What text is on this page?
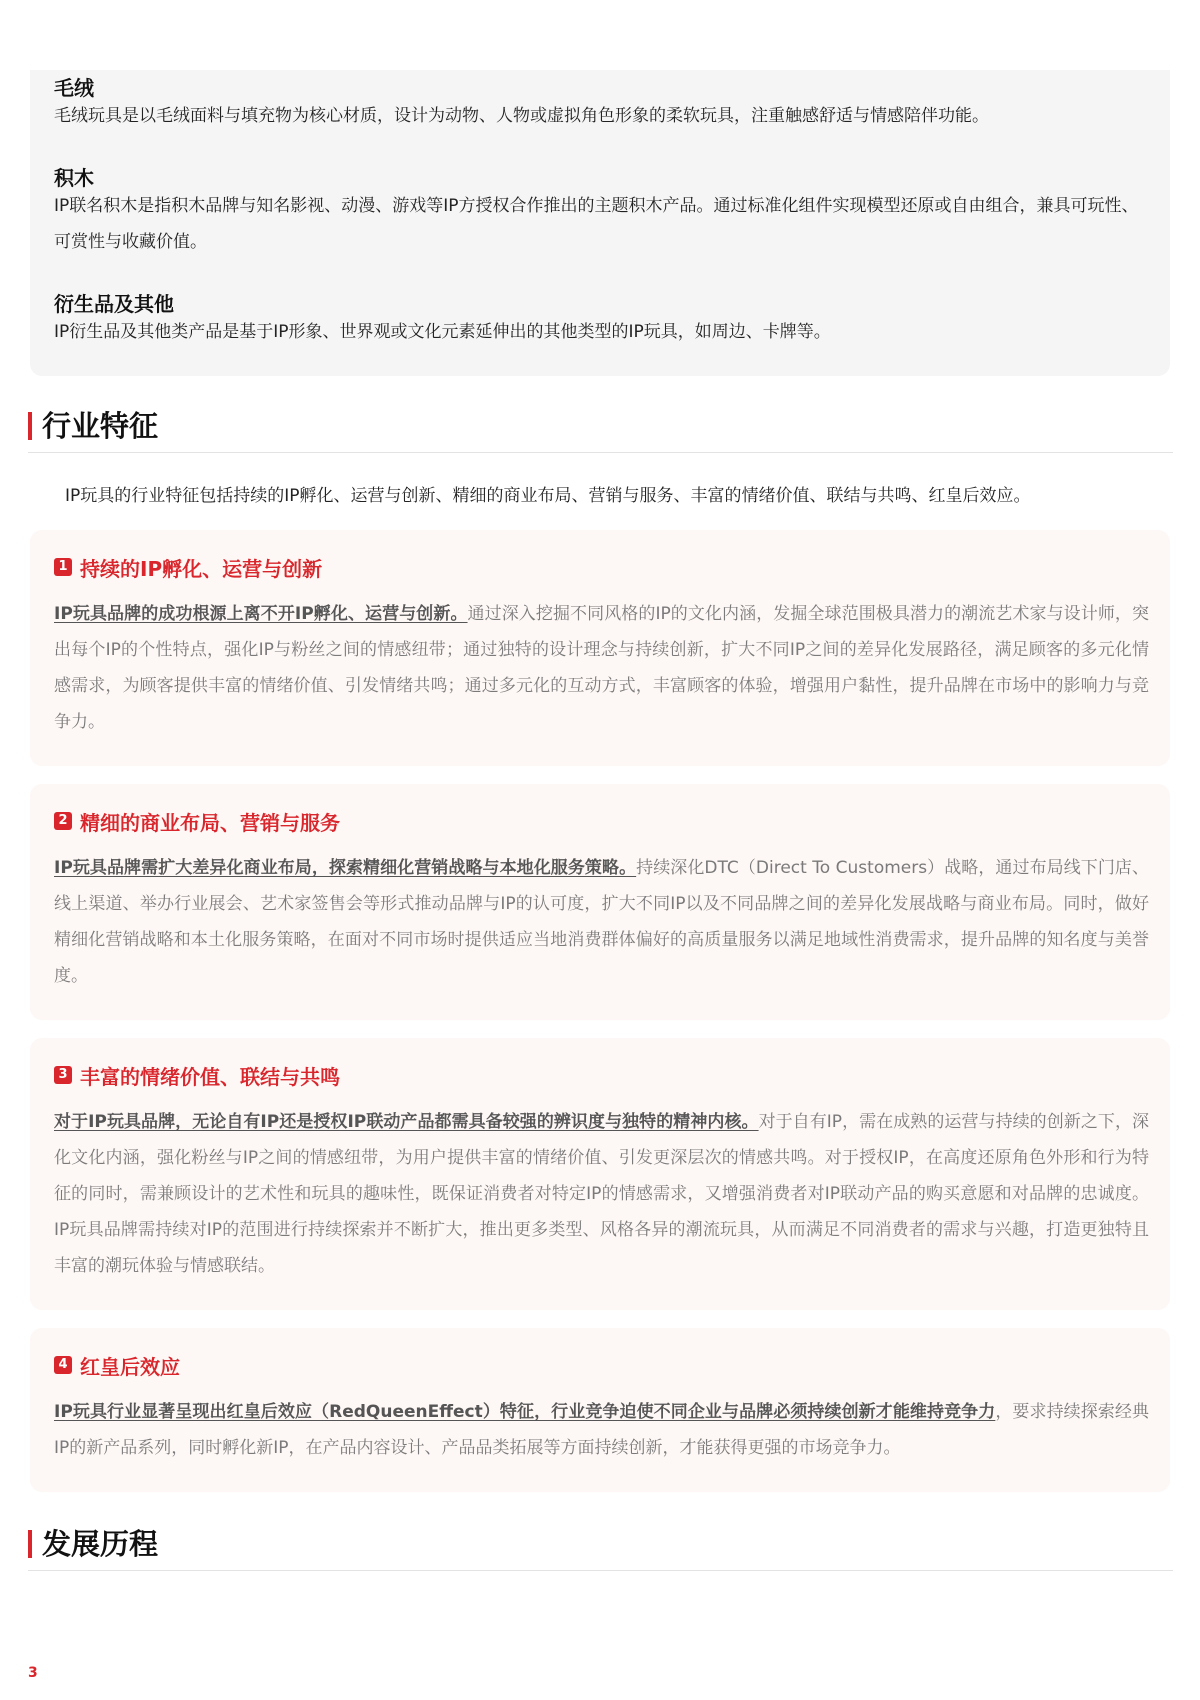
毛绒

毛绒玩具是以毛绒面料与填充物为核心材质，设计为动物、人物或虚拟角色形象的柔软玩具，注重触感舒适与情感陪伴功能。

积木

IP联名积木是指积木品牌与知名影视、动漫、游戏等IP方授权合作推出的主题积木产品。通过标准化组件实现模型还原或自由组合，兼具可玩性、可赏性与收藏价值。

衍生品及其他

IP衍生品及其他类产品是基于IP形象、世界观或文化元素延伸出的其他类型的IP玩具，如周边、卡牌等。

行业特征
IP玩具的行业特征包括持续的IP孵化、运营与创新、精细的商业布局、营销与服务、丰富的情绪价值、联结与共鸣、红皇后效应。
1 持续的IP孵化、运营与创新

IP玩具品牌的成功根源上离不开IP孵化、运营与创新。通过深入挖掘不同风格的IP的文化内涵，发掘全球范围极具潜力的潮流艺术家与设计师，突出每个IP的个性特点，强化IP与粉丝之间的情感纽带；通过独特的设计理念与持续创新，扩大不同IP之间的差异化发展路径，满足顾客的多元化情感需求，为顾客提供丰富的情绪价值、引发情绪共鸣；通过多元化的互动方式，丰富顾客的体验，增强用户黏性，提升品牌在市场中的影响力与竞争力。

2 精细的商业布局、营销与服务

IP玩具品牌需扩大差异化商业布局，探索精细化营销战略与本地化服务策略。持续深化DTC（Direct To Customers）战略，通过布局线下门店、线上渠道、举办行业展会、艺术家签售会等形式推动品牌与IP的认可度，扩大不同IP以及不同品牌之间的差异化发展战略与商业布局。同时，做好精细化营销战略和本土化服务策略，在面对不同市场时提供适应当地消费群体偏好的高质量服务以满足地域性消费需求，提升品牌的知名度与美誉度。

3 丰富的情绪价值、联结与共鸣

对于IP玩具品牌，无论自有IP还是授权IP联动产品都需具备较强的辨识度与独特的精神内核。对于自有IP，需在成熟的运营与持续的创新之下，深化文化内涵，强化粉丝与IP之间的情感纽带，为用户提供丰富的情绪价值、引发更深层次的情感共鸣。对于授权IP，在高度还原角色外形和行为特征的同时，需兼顾设计的艺术性和玩具的趣味性，既保证消费者对特定IP的情感需求，又增强消费者对IP联动产品的购买意愿和对品牌的忠诚度。IP玩具品牌需持续对IP的范围进行持续探索并不断扩大，推出更多类型、风格各异的潮流玩具，从而满足不同消费者的需求与兴趣，打造更独特且丰富的潮玩体验与情感联结。

4 红皇后效应

IP玩具行业显著呈现出红皇后效应（RedQueenEffect）特征，行业竞争迫使不同企业与品牌必须持续创新才能维持竞争力，要求持续探索经典IP的新产品系列，同时孵化新IP，在产品内容设计、产品品类拓展等方面持续创新，才能获得更强的市场竞争力。

发展历程
3
